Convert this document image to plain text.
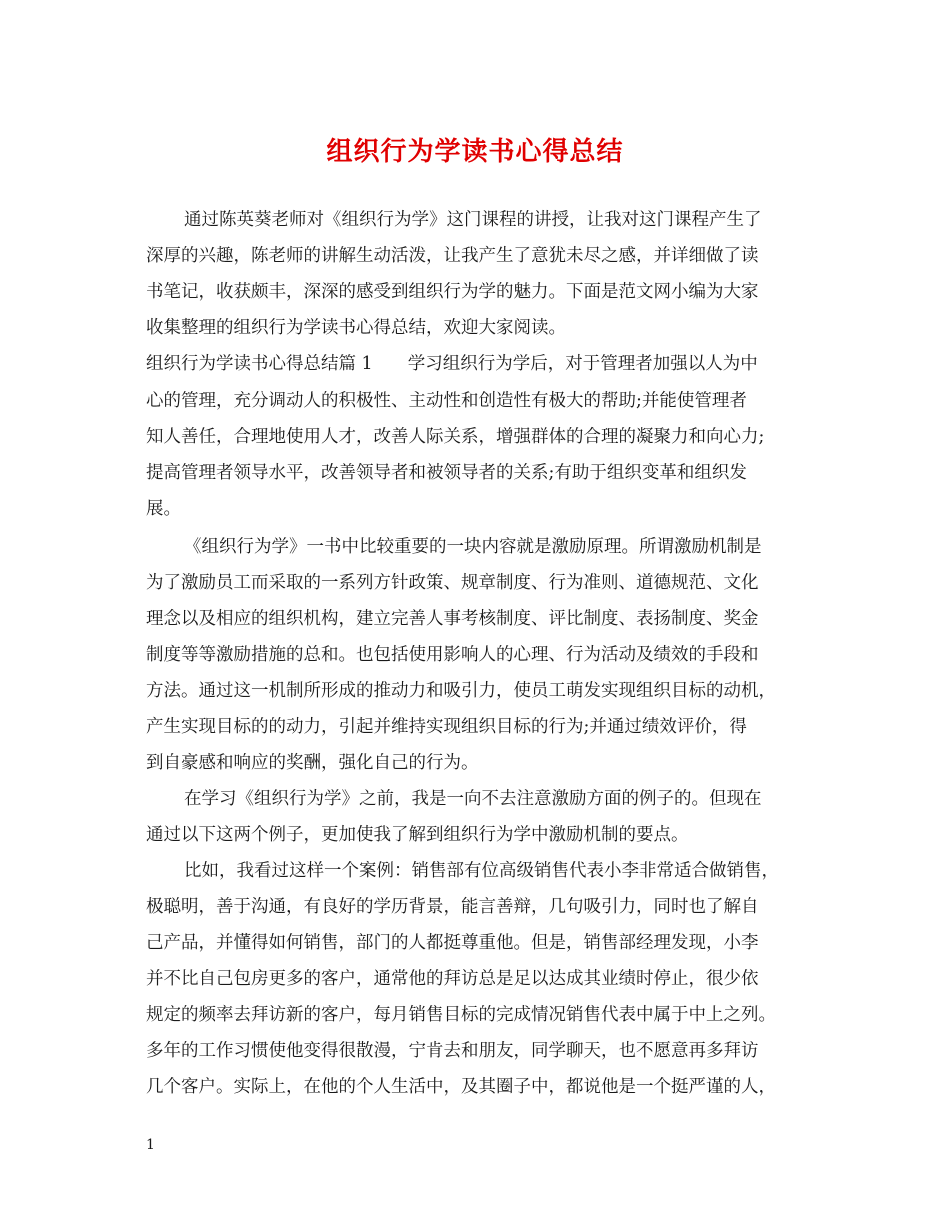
组织行为学读书心得总结

通过陈英葵老师对《组织行为学》这门课程的讲授，让我对这门课程产生了

深厚的兴趣，陈老师的讲解生动活泼，让我产生了意犹未尽之感，并详细做了读

书笔记，收获颇丰，深深的感受到组织行为学的魅力。下面是范文网小编为大家

收集整理的组织行为学读书心得总结，欢迎大家阅读。

组织行为学读书心得总结篇 1　　学习组织行为学后，对于管理者加强以人为中

心的管理，充分调动人的积极性、主动性和创造性有极大的帮助;并能使管理者

知人善任，合理地使用人才，改善人际关系，增强群体的合理的凝聚力和向心力;

提高管理者领导水平，改善领导者和被领导者的关系;有助于组织变革和组织发

展。

《组织行为学》一书中比较重要的一块内容就是激励原理。所谓激励机制是

为了激励员工而采取的一系列方针政策、规章制度、行为准则、道德规范、文化

理念以及相应的组织机构，建立完善人事考核制度、评比制度、表扬制度、奖金

制度等等激励措施的总和。也包括使用影响人的心理、行为活动及绩效的手段和

方法。通过这一机制所形成的推动力和吸引力，使员工萌发实现组织目标的动机，

产生实现目标的的动力，引起并维持实现组织目标的行为;并通过绩效评价，得

到自豪感和响应的奖酬，强化自己的行为。

在学习《组织行为学》之前，我是一向不去注意激励方面的例子的。但现在

通过以下这两个例子，更加使我了解到组织行为学中激励机制的要点。

比如，我看过这样一个案例：销售部有位高级销售代表小李非常适合做销售，

极聪明，善于沟通，有良好的学历背景，能言善辩，几句吸引力，同时也了解自

己产品，并懂得如何销售，部门的人都挺尊重他。但是，销售部经理发现，小李

并不比自己包房更多的客户，通常他的拜访总是足以达成其业绩时停止，很少依

规定的频率去拜访新的客户，每月销售目标的完成情况销售代表中属于中上之列。

多年的工作习惯使他变得很散漫，宁肯去和朋友，同学聊天，也不愿意再多拜访

几个客户。实际上，在他的个人生活中，及其圈子中，都说他是一个挺严谨的人，

1
